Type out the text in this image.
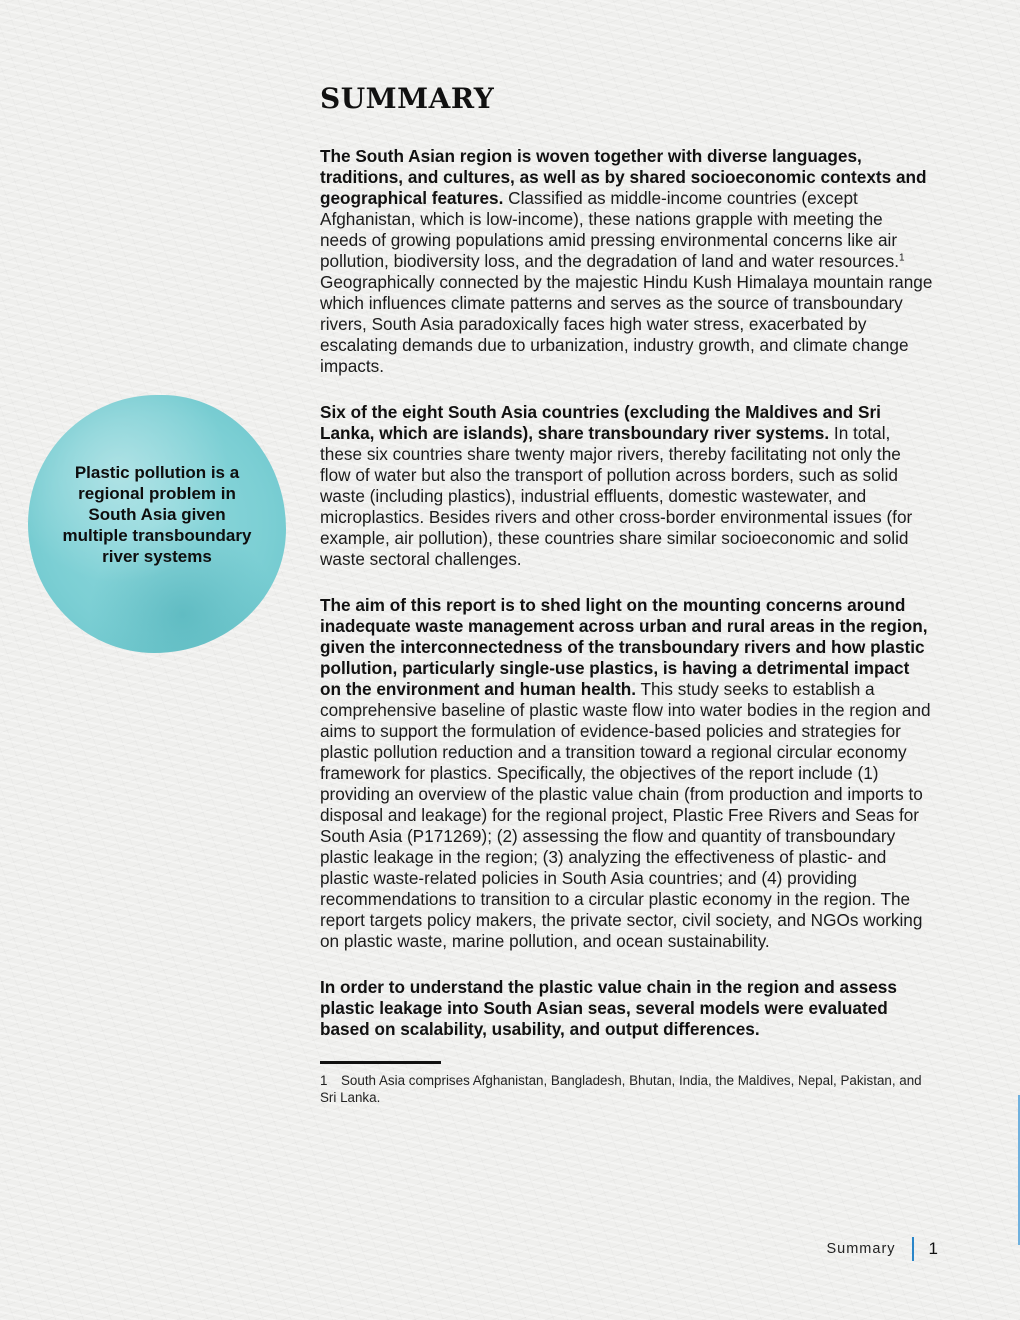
SUMMARY
Plastic pollution is a regional problem in South Asia given multiple transboundary river systems

The South Asian region is woven together with diverse languages, traditions, and cultures, as well as by shared socioeconomic contexts and geographical features. Classified as middle-income countries (except Afghanistan, which is low-income), these nations grapple with meeting the needs of growing populations amid pressing environmental concerns like air pollution, biodiversity loss, and the degradation of land and water resources.$^1$ Geographically connected by the majestic Hindu Kush Himalaya mountain range which influences climate patterns and serves as the source of transboundary rivers, South Asia paradoxically faces high water stress, exacerbated by escalating demands due to urbanization, industry growth, and climate change impacts.

Six of the eight South Asia countries (excluding the Maldives and Sri Lanka, which are islands), share transboundary river systems. In total, these six countries share twenty major rivers, thereby facilitating not only the flow of water but also the transport of pollution across borders, such as solid waste (including plastics), industrial effluents, domestic wastewater, and microplastics. Besides rivers and other cross-border environmental issues (for example, air pollution), these countries share similar socioeconomic and solid waste sectoral challenges.

The aim of this report is to shed light on the mounting concerns around inadequate waste management across urban and rural areas in the region, given the interconnectedness of the transboundary rivers and how plastic pollution, particularly single-use plastics, is having a detrimental impact on the environment and human health. This study seeks to establish a comprehensive baseline of plastic waste flow into water bodies in the region and aims to support the formulation of evidence-based policies and strategies for plastic pollution reduction and a transition toward a regional circular economy framework for plastics. Specifically, the objectives of the report include (1) providing an overview of the plastic value chain (from production and imports to disposal and leakage) for the regional project, Plastic Free Rivers and Seas for South Asia (P171269); (2) assessing the flow and quantity of transboundary plastic leakage in the region; (3) analyzing the effectiveness of plastic- and plastic waste-related policies in South Asia countries; and (4) providing recommendations to transition to a circular plastic economy in the region. The report targets policy makers, the private sector, civil society, and NGOs working on plastic waste, marine pollution, and ocean sustainability.

In order to understand the plastic value chain in the region and assess plastic leakage into South Asian seas, several models were evaluated based on scalability, usability, and output differences.

1 South Asia comprises Afghanistan, Bangladesh, Bhutan, India, the Maldives, Nepal, Pakistan, and Sri Lanka.
Summary 1
